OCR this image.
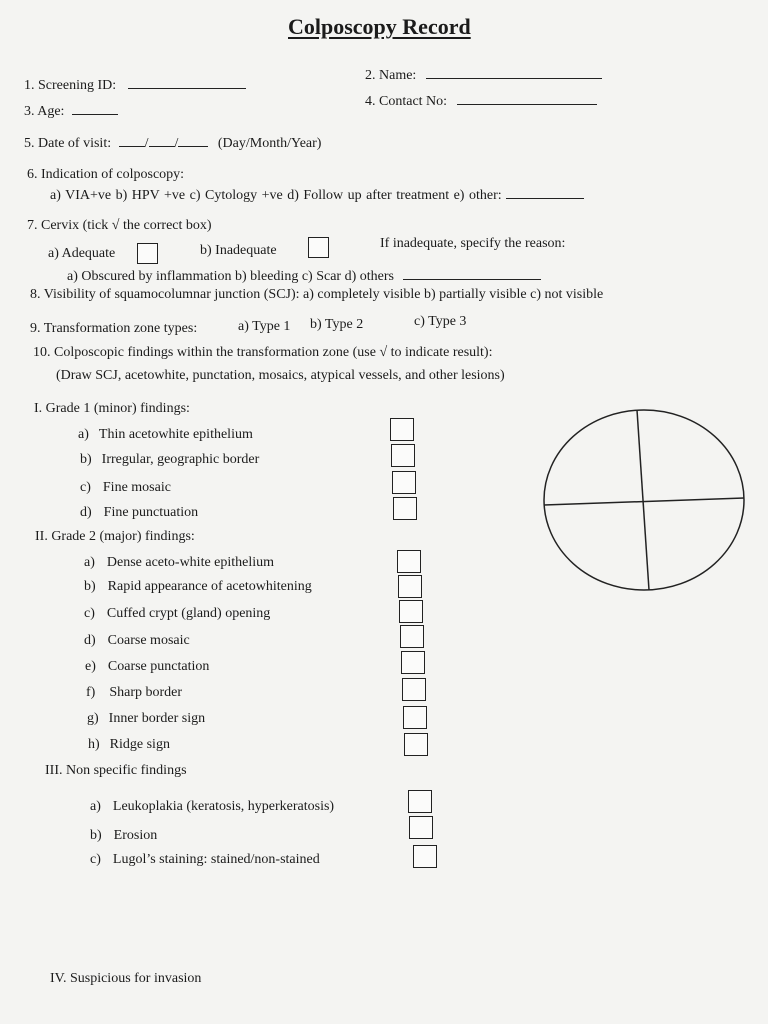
Colposcopy Record
1. Screening ID:
2. Name:
3. Age:
4. Contact No:
5. Date of visit: / /	(Day/Month/Year)
6. Indication of colposcopy:
a) VIA+ve b) HPV +ve c) Cytology +ve d) Follow up after treatment e) other:
7. Cervix (tick √ the correct box)
a) Adequate	b) Inadequate	If inadequate, specify the reason:
a) Obscured by inflammation b) bleeding c) Scar d) others
8. Visibility of squamocolumnar junction (SCJ): a) completely visible b) partially visible c) not visible
9. Transformation zone types:	a) Type 1 b) Type 2	c) Type 3
10. Colposcopic findings within the transformation zone (use √ to indicate result):
(Draw SCJ, acetowhite, punctation, mosaics, atypical vessels, and other lesions)
I. Grade 1 (minor) findings:
a) Thin acetowhite epithelium
b) Irregular, geographic border
c) Fine mosaic
d) Fine punctuation
II. Grade 2 (major) findings:
a) Dense aceto-white epithelium
b) Rapid appearance of acetowhitening
c) Cuffed crypt (gland) opening
d) Coarse mosaic
e) Coarse punctation
f) Sharp border
g) Inner border sign
h) Ridge sign
III. Non specific findings
a) Leukoplakia (keratosis, hyperkeratosis)
b) Erosion
c) Lugol’s staining: stained/non-stained
IV. Suspicious for invasion
